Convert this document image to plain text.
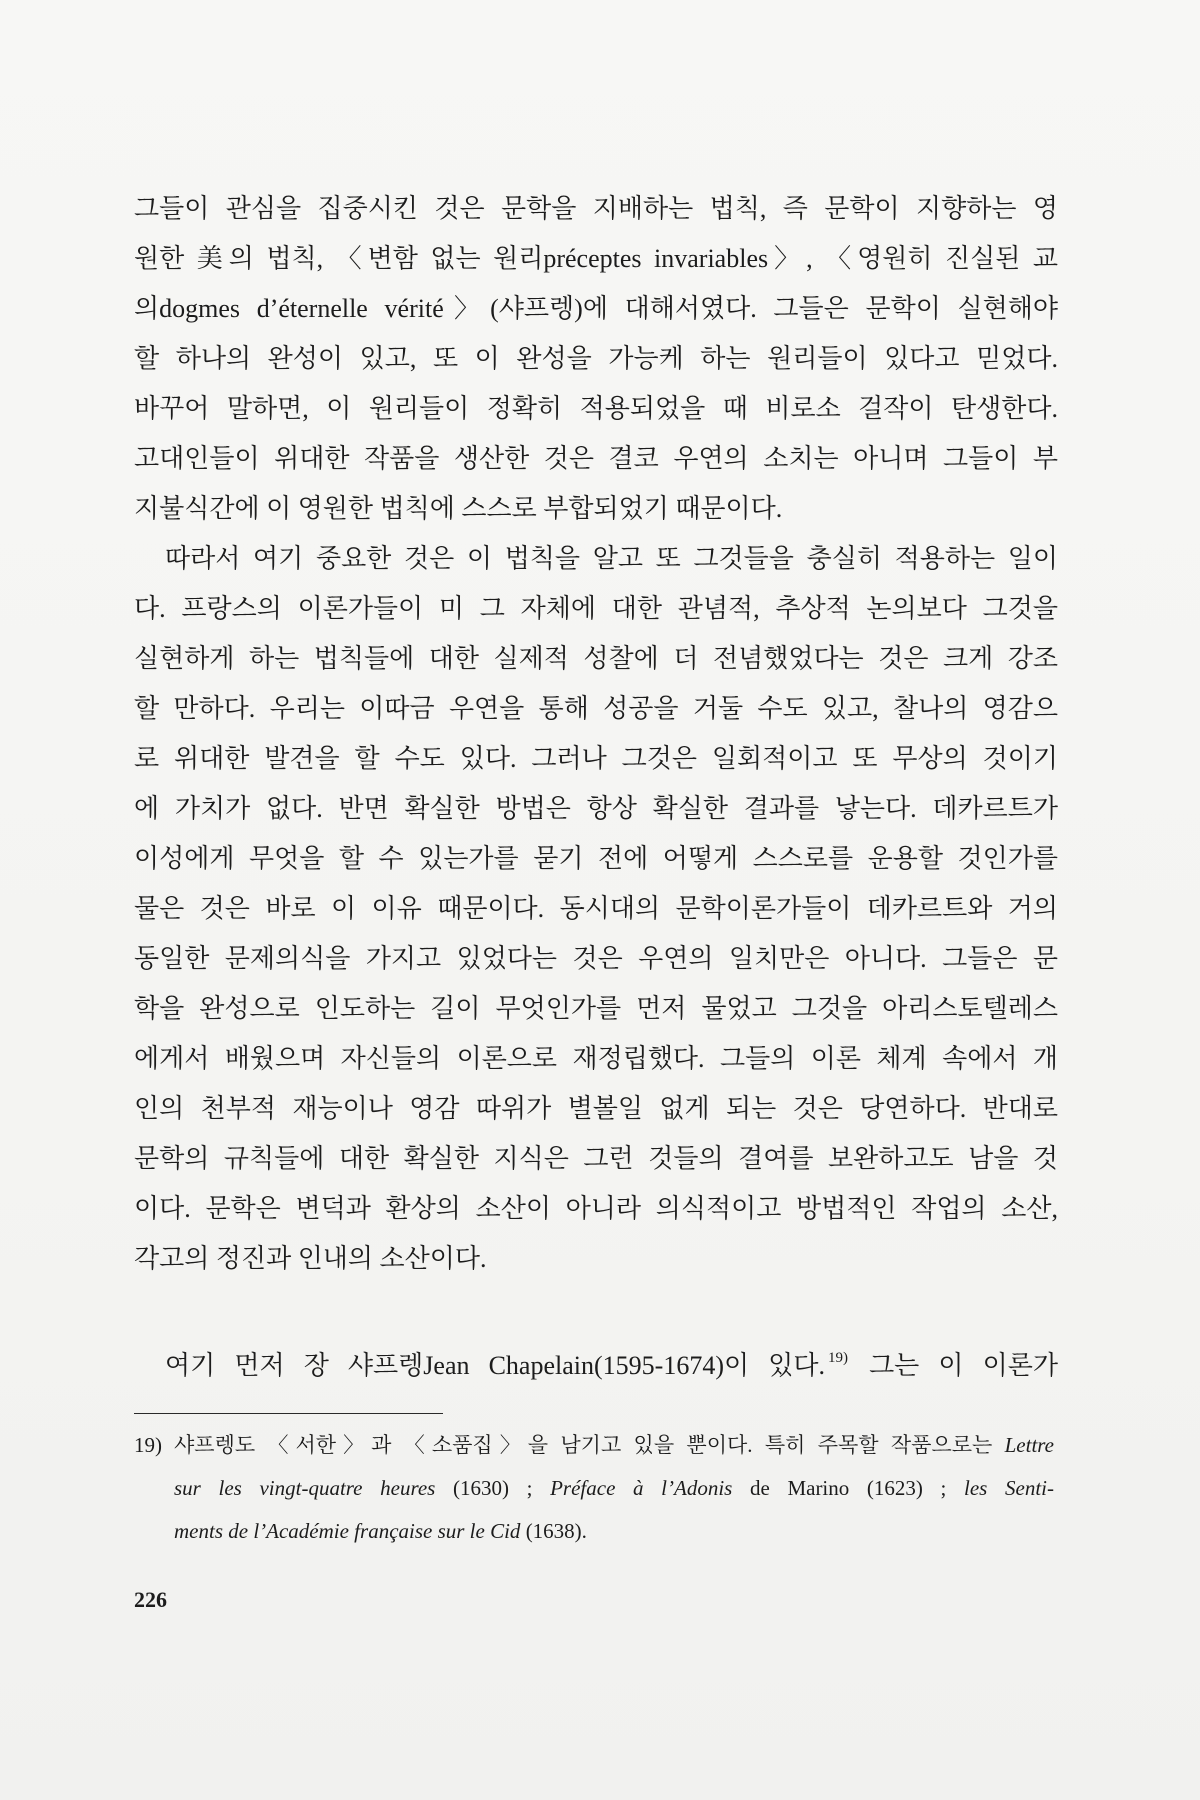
그들이 관심을 집중시킨 것은 문학을 지배하는 법칙, 즉 문학이 지향하는 영
원한 美의 법칙, 〈변함 없는 원리préceptes invariables〉, 〈영원히 진실된 교
의dogmes d’éternelle vérité〉(샤프렝)에 대해서였다. 그들은 문학이 실현해야
할 하나의 완성이 있고, 또 이 완성을 가능케 하는 원리들이 있다고 믿었다.
바꾸어 말하면, 이 원리들이 정확히 적용되었을 때 비로소 걸작이 탄생한다.
고대인들이 위대한 작품을 생산한 것은 결코 우연의 소치는 아니며 그들이 부
지불식간에 이 영원한 법칙에 스스로 부합되었기 때문이다.
따라서 여기 중요한 것은 이 법칙을 알고 또 그것들을 충실히 적용하는 일이
다. 프랑스의 이론가들이 미 그 자체에 대한 관념적, 추상적 논의보다 그것을
실현하게 하는 법칙들에 대한 실제적 성찰에 더 전념했었다는 것은 크게 강조
할 만하다. 우리는 이따금 우연을 통해 성공을 거둘 수도 있고, 찰나의 영감으
로 위대한 발견을 할 수도 있다. 그러나 그것은 일회적이고 또 무상의 것이기
에 가치가 없다. 반면 확실한 방법은 항상 확실한 결과를 낳는다. 데카르트가
이성에게 무엇을 할 수 있는가를 묻기 전에 어떻게 스스로를 운용할 것인가를
물은 것은 바로 이 이유 때문이다. 동시대의 문학이론가들이 데카르트와 거의
동일한 문제의식을 가지고 있었다는 것은 우연의 일치만은 아니다. 그들은 문
학을 완성으로 인도하는 길이 무엇인가를 먼저 물었고 그것을 아리스토텔레스
에게서 배웠으며 자신들의 이론으로 재정립했다. 그들의 이론 체계 속에서 개
인의 천부적 재능이나 영감 따위가 별볼일 없게 되는 것은 당연하다. 반대로
문학의 규칙들에 대한 확실한 지식은 그런 것들의 결여를 보완하고도 남을 것
이다. 문학은 변덕과 환상의 소산이 아니라 의식적이고 방법적인 작업의 소산,
각고의 정진과 인내의 소산이다.
여기 먼저 장 샤프렝Jean Chapelain(1595-1674)이 있다. $^{19)}$ 그는 이 이론가
19) 샤프렝도 〈서한〉과 〈소품집〉을 남기고 있을 뿐이다. 특히 주목할 작품으로는 Lettre
sur les vingt-quatre heures (1630) ; Préface à l’Adonis de Marino (1623) ; les Senti-
ments de l’Académie française sur le Cid (1638).
226
